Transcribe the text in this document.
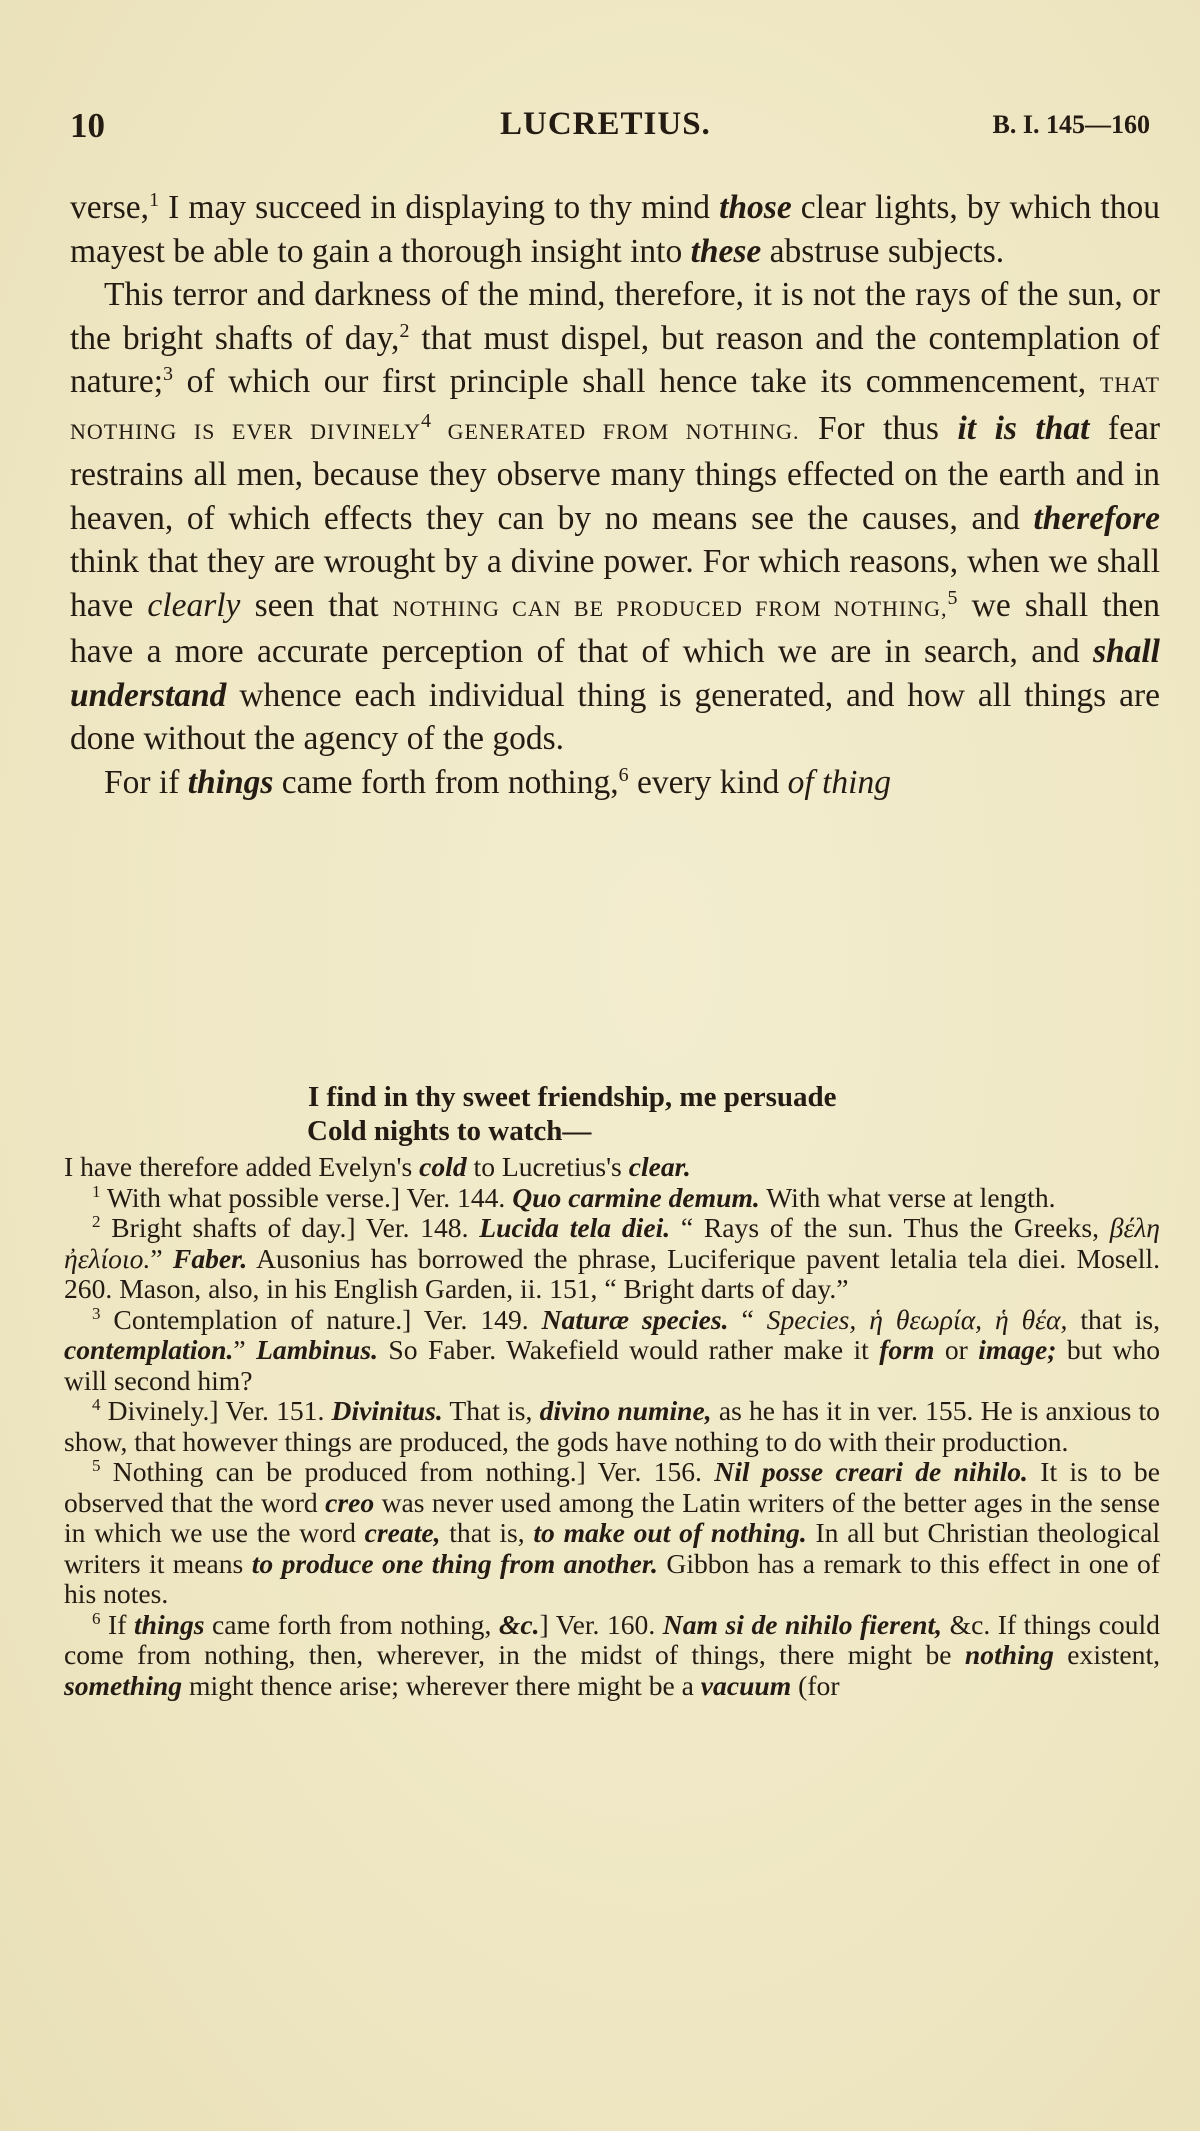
10	LUCRETIUS.	B. I. 145—160

verse,$^1$ I may succeed in displaying to thy mind those clear lights, by which thou mayest be able to gain a thorough insight into these abstruse subjects.

This terror and darkness of the mind, therefore, it is not the rays of the sun, or the bright shafts of day,$^2$ that must dispel, but reason and the contemplation of nature;$^3$ of which our first principle shall hence take its commencement, THAT NOTHING IS EVER DIVINELY$^4$ GENERATED FROM NOTHING. For thus it is that fear restrains all men, because they observe many things effected on the earth and in heaven, of which effects they can by no means see the causes, and therefore think that they are wrought by a divine power. For which reasons, when we shall have clearly seen that NOTHING CAN BE PRODUCED FROM NOTHING,$^5$ we shall then have a more accurate perception of that of which we are in search, and shall understand whence each individual thing is generated, and how all things are done without the agency of the gods.

For if things came forth from nothing,$^6$ every kind of thing

I find in thy sweet friendship, me persuade
Cold nights to watch—

I have therefore added Evelyn's cold to Lucretius's clear.

$^1$ With what possible verse.] Ver. 144. Quo carmine demum. With what verse at length.

$^2$ Bright shafts of day.] Ver. 148. Lucida tela diei. “ Rays of the sun. Thus the Greeks, βέλη ἠελίοιο.” Faber. Ausonius has borrowed the phrase, Luciferique pavent letalia tela diei. Mosell. 260. Mason, also, in his English Garden, ii. 151, “ Bright darts of day.”

$^3$ Contemplation of nature.] Ver. 149. Naturæ species. “ Species, ἡ θεωρία, ἡ θέα, that is, contemplation.” Lambinus. So Faber. Wakefield would rather make it form or image; but who will second him?

$^4$ Divinely.] Ver. 151. Divinitus. That is, divino numine, as he has it in ver. 155. He is anxious to show, that however things are produced, the gods have nothing to do with their production.

$^5$ Nothing can be produced from nothing.] Ver. 156. Nil posse creari de nihilo. It is to be observed that the word creo was never used among the Latin writers of the better ages in the sense in which we use the word create, that is, to make out of nothing. In all but Christian theological writers it means to produce one thing from another. Gibbon has a remark to this effect in one of his notes.

$^6$ If things came forth from nothing, &c.] Ver. 160. Nam si de nihilo fierent, &c. If things could come from nothing, then, wherever, in the midst of things, there might be nothing existent, something might thence arise; wherever there might be a vacuum (for
